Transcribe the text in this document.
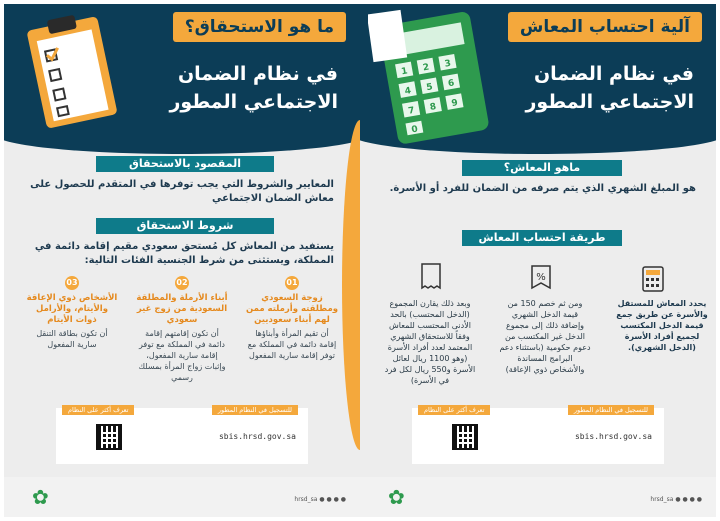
ما هو الاستحقاق؟
في نظام الضمان
الاجتماعي المطور
المقصود بالاستحقاق
المعايير والشروط التي يجب توفرها في المتقدم للحصول على معاش الضمان الاجتماعي
شروط الاستحقاق
يستفيد من المعاش كل مُستحق سعودي مقيم إقامة دائمة في
المملكة، ويستثنى من شرط الجنسية الفئات التالية:
01
زوجة السعودي ومطلقته وأرملته ممن لهم أبناء سعوديين
أن تقيم المرأة وأبناؤها إقامة دائمة في المملكة مع توفر إقامة سارية المفعول
02
أبناء الأرملة والمطلقة السعودية من زوج غير سعودي
أن تكون إقامتهم إقامة دائمة في المملكة مع توفر إقامة سارية المفعول، وإثبات زواج المرأة بمسلك رسمي
03
الأشخاص ذوي الإعاقة والأيتام، والأرامل ذوات الأيتام
أن تكون بطاقة التنقل سارية المفعول
للتسجيل في النظام المطور
تعرف أكثر على النظام
sbis.hrsd.gov.sa
✿	hrsd_sa ● ● ● ●
آلية احتساب المعاش
في نظام الضمان
الاجتماعي المطور
1 2 3
4 5 6
7 8 9
0
ماهو المعاش؟
هو المبلغ الشهري الذي يتم صرفه من الضمان للفرد أو الأسرة.
طريقة احتساب المعاش
%
يحدد المعاش للمستقل والأسرة عن طريق جمع قيمة الدخل المكتسب لجميع أفراد الأسرة (الدخل الشهري).
ومن ثم خصم 150 من قيمة الدخل الشهري وإضافة ذلك إلى مجموع الدخل غير المكتسب من دعوم حكومية (باستثناء دعم البرامج المساندة والأشخاص ذوي الإعاقة)
وبعد ذلك يقارن المجموع (الدخل المحتسب) بالحد الأدنى المحتسب للمعاش وفقاً للاستحقاق الشهري المعتمد لعدد أفراد الأسرة (وهو 1100 ريال لعائل الأسرة و550 ريال لكل فرد في الأسرة)
للتسجيل في النظام المطور
تعرف أكثر على النظام
sbis.hrsd.gov.sa
✿	hrsd_sa ● ● ● ●
